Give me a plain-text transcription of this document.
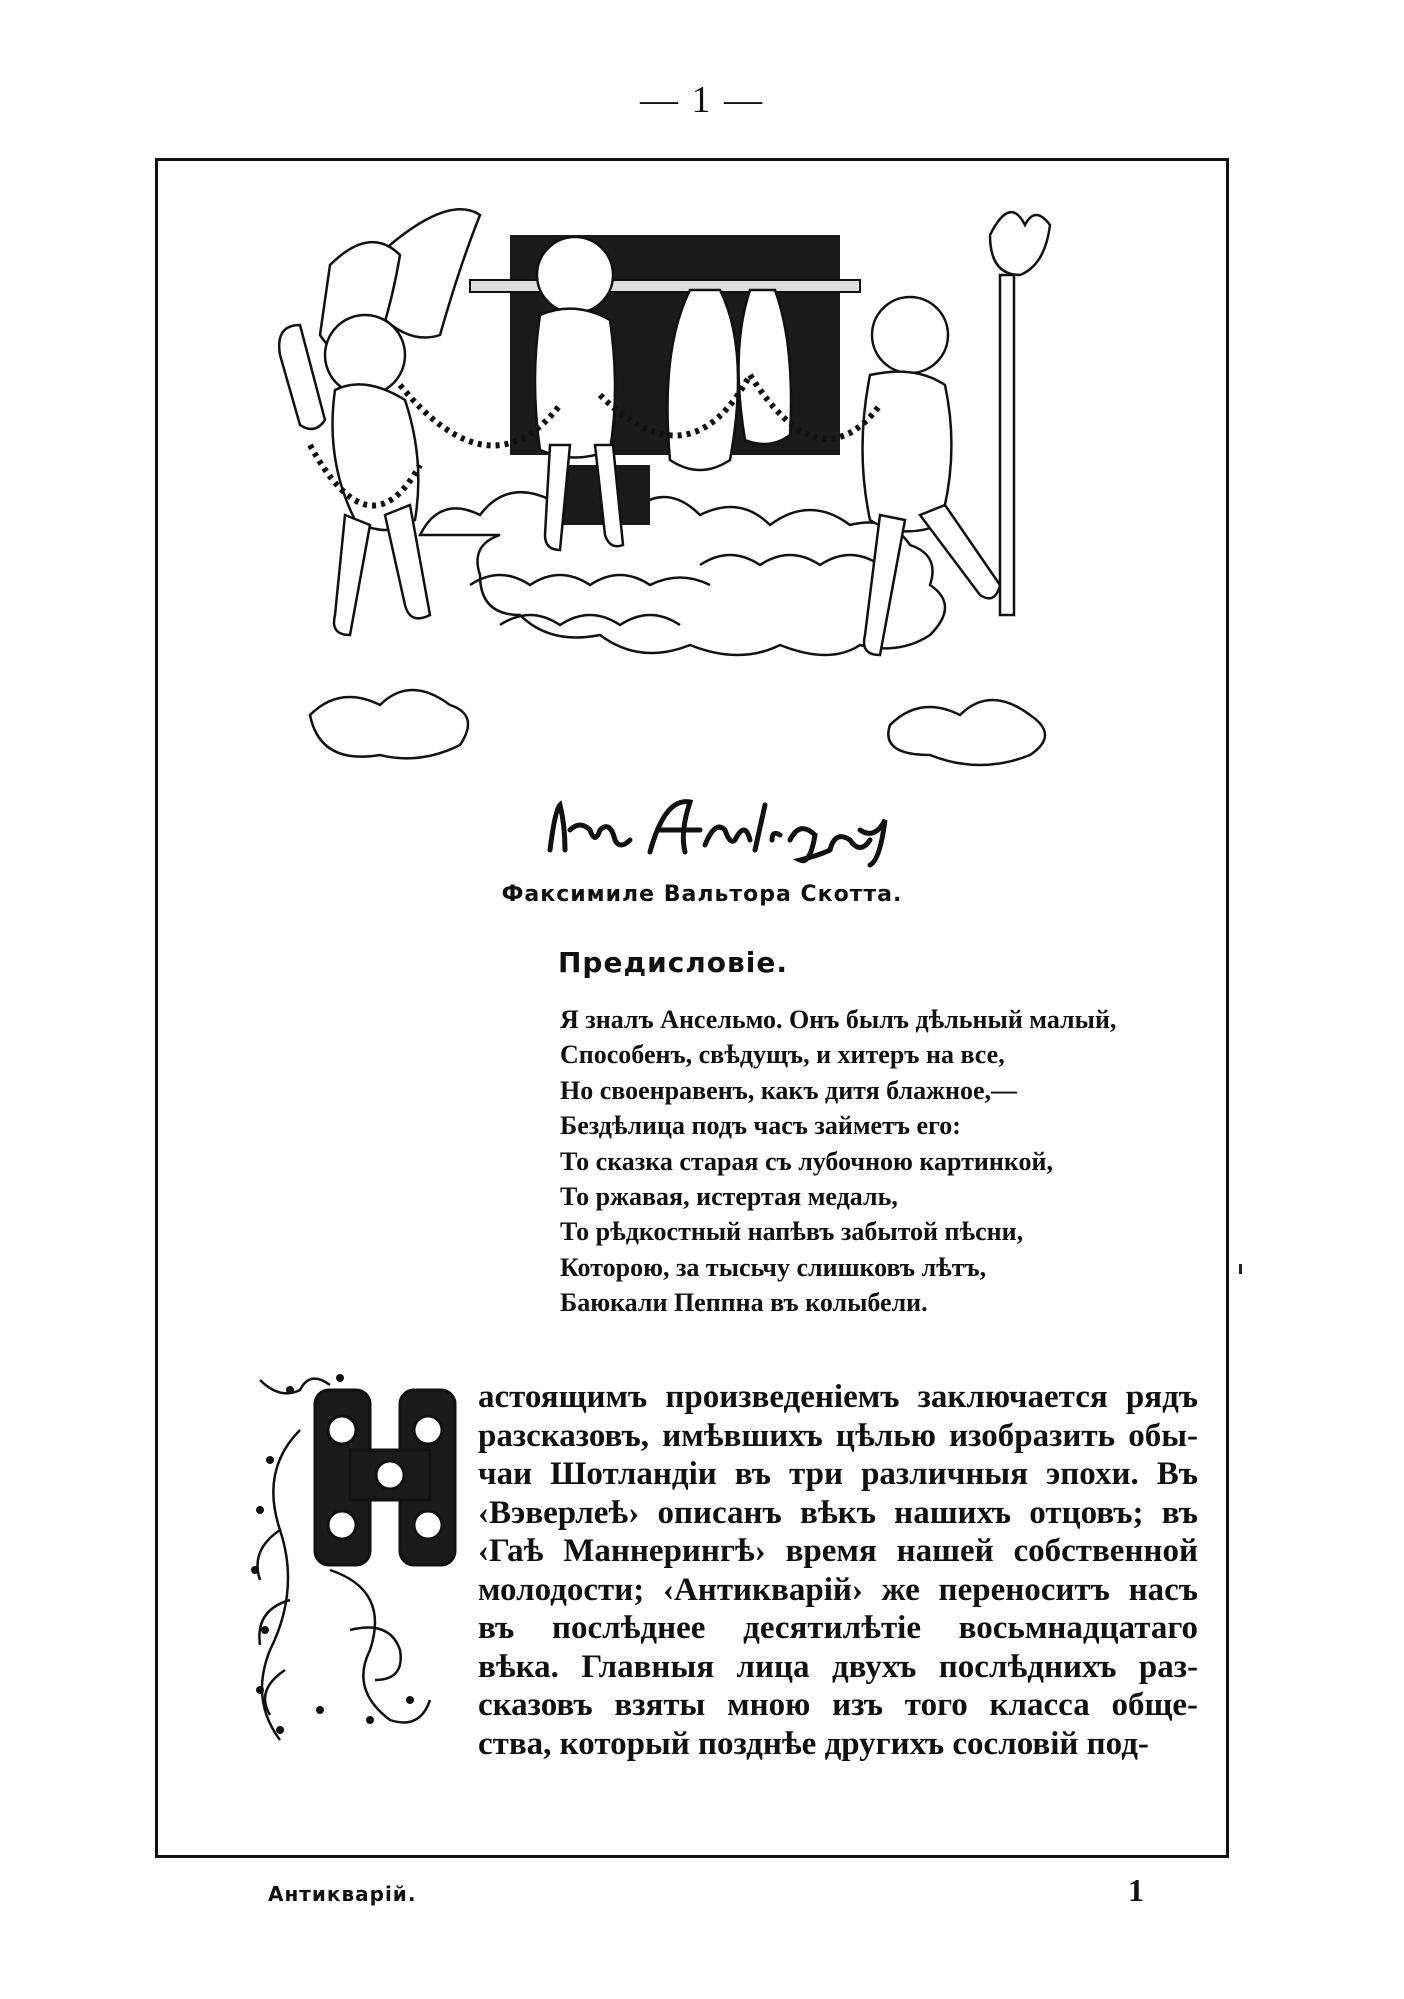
— 1 —
Факсимиле Вальтора Скотта.
Предисловіе.
Я зналъ Ансельмо. Онъ былъ дѣльный малый,
Способенъ, свѣдущъ, и хитеръ на все,
Но своенравенъ, какъ дитя блажное,—
Бездѣлица подъ часъ займетъ его:
То сказка старая съ лубочною картинкой,
То ржавая, истертая медаль,
То рѣдкостный напѣвъ забытой пѣсни,
Которою, за тысьчу слишковъ лѣтъ,
Баюкали Пеппна въ колыбели.
астоящимъ произведеніемъ заключается рядъ
разсказовъ, имѣвшихъ цѣлью изобразить обы-
чаи Шотландіи въ три различныя эпохи. Въ
‹Вэверлеѣ› описанъ вѣкъ нашихъ отцовъ; въ
‹Гаѣ Маннерингѣ› время нашей собственной
молодости; ‹Антикварій› же переноситъ насъ
въ послѣднее десятилѣтіе восьмнадцатаго
вѣка. Главныя лица двухъ послѣднихъ раз-
сказовъ взяты мною изъ того класса обще-
ства, который позднѣе другихъ сословій под-
Антикварій.	1
